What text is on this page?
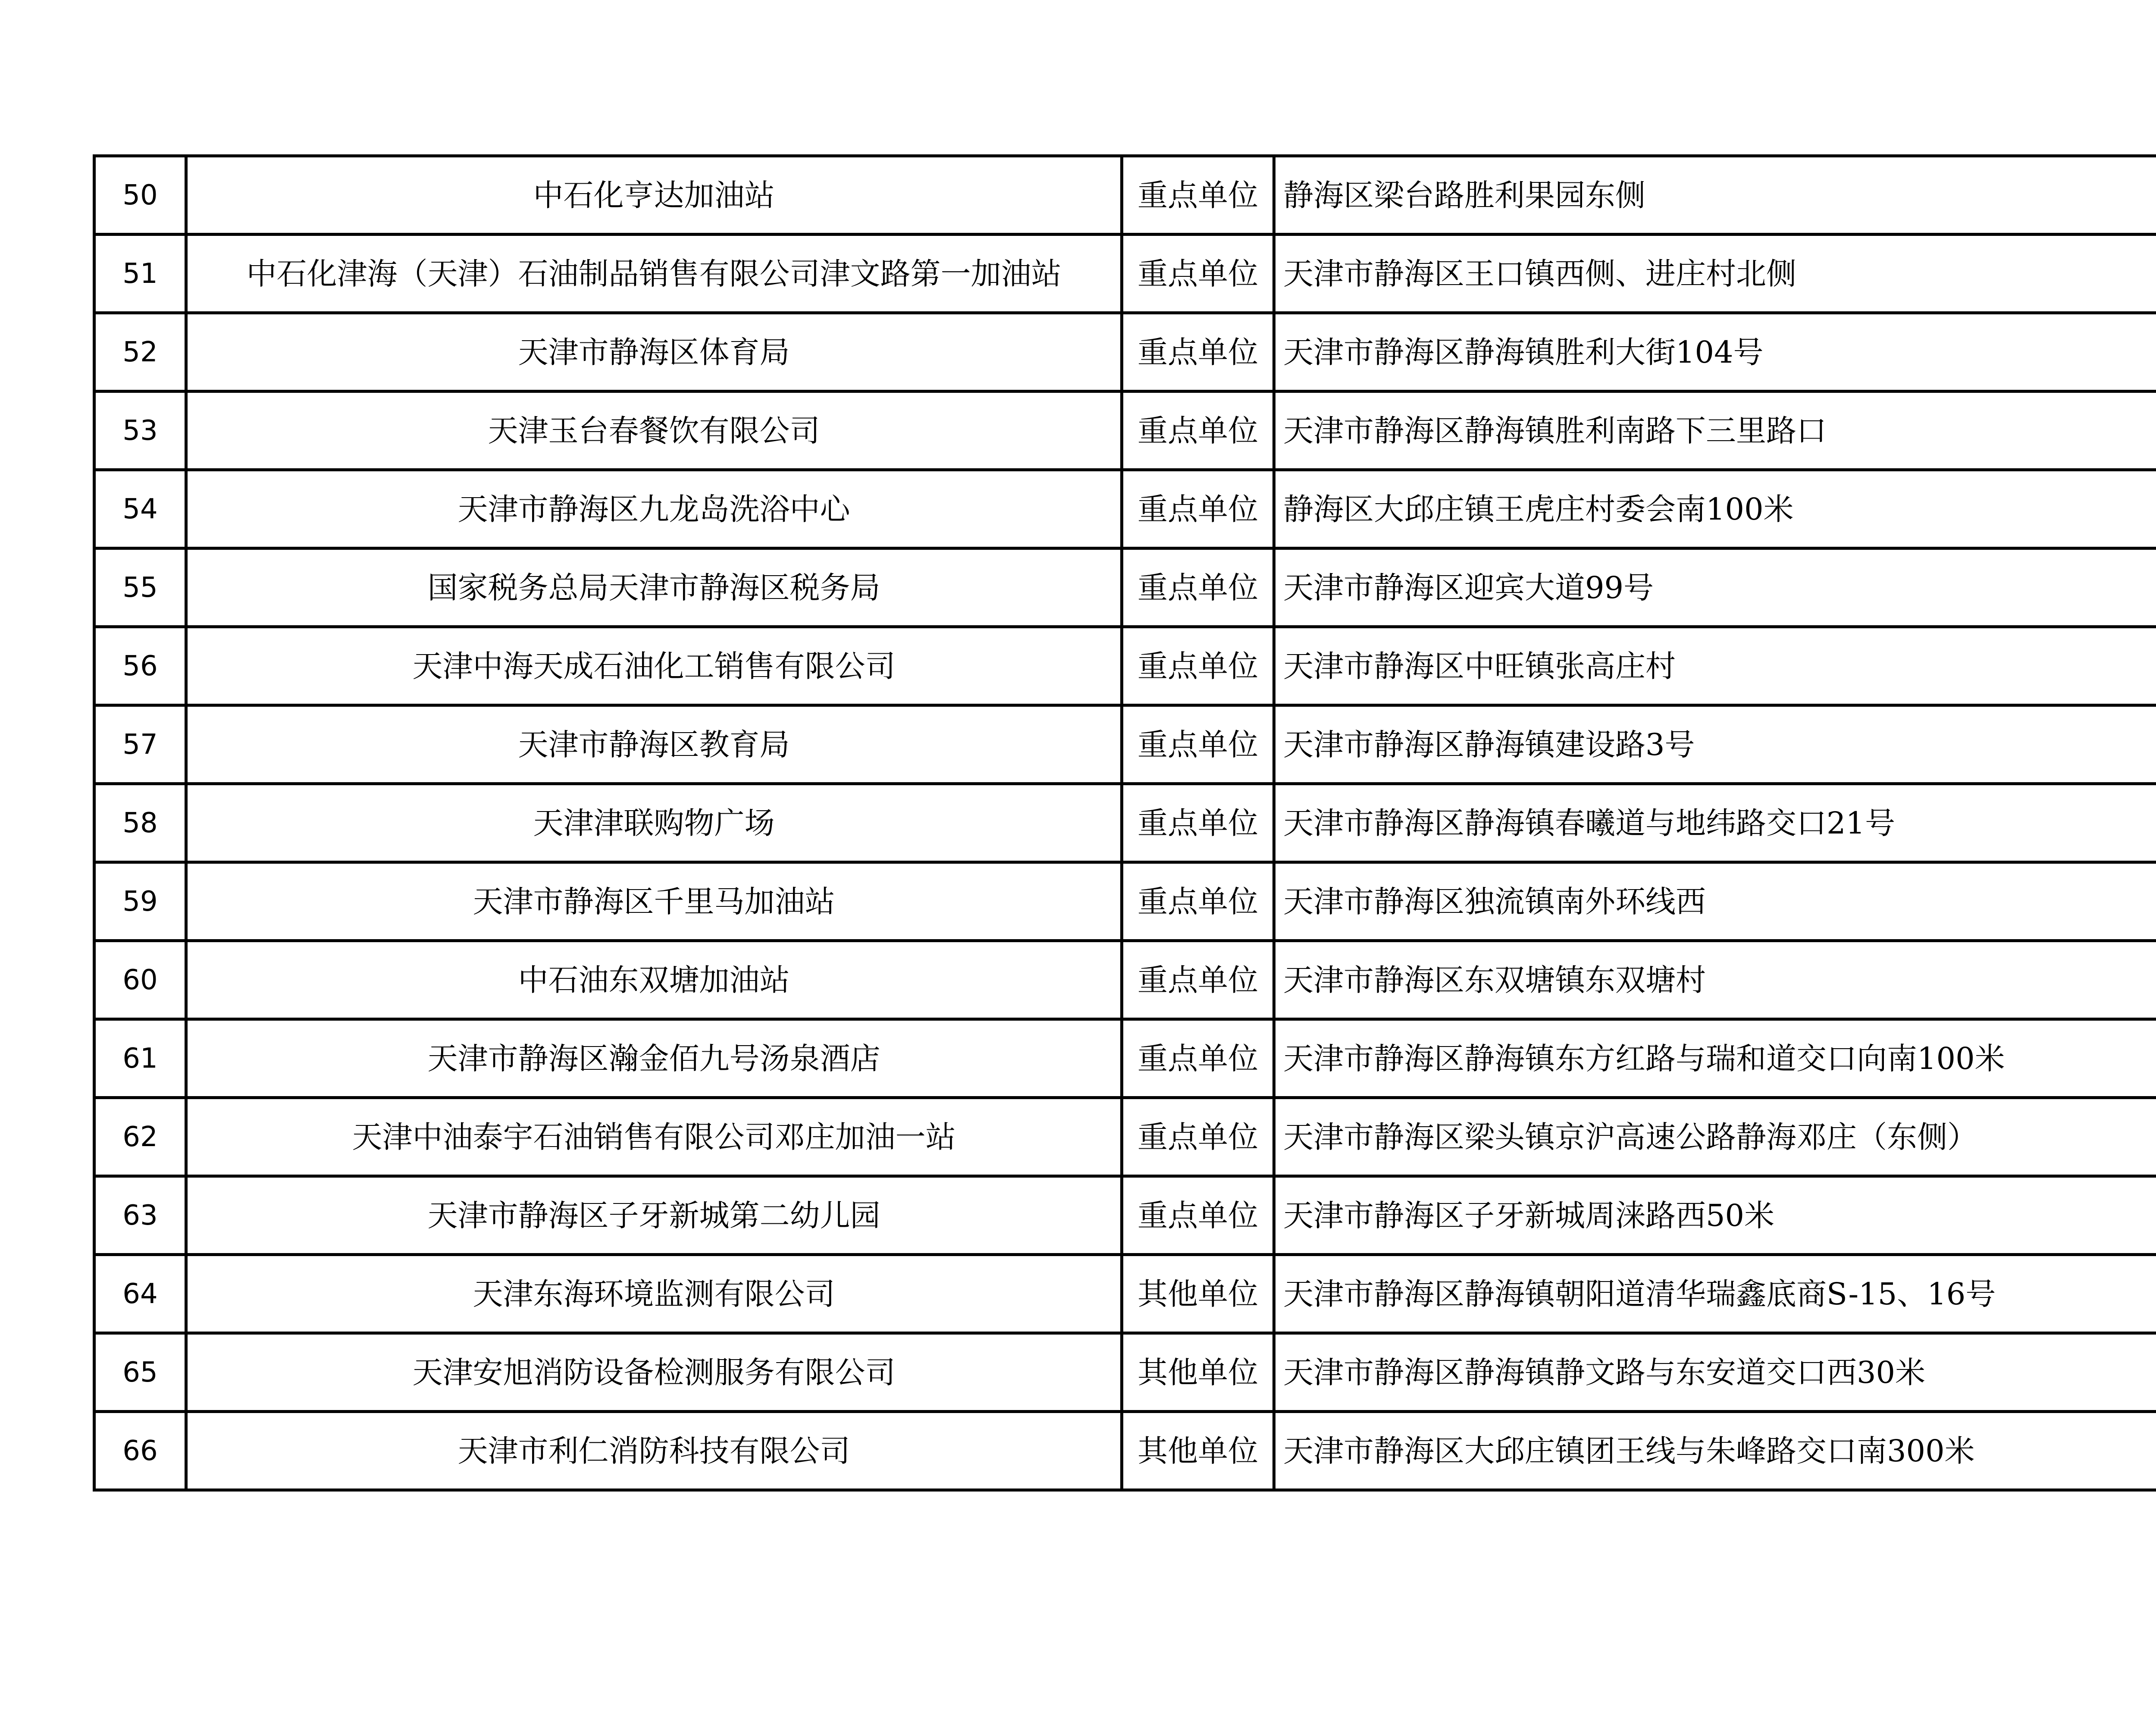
50	中石化亨达加油站	重点单位	静海区梁台路胜利果园东侧	
51	中石化津海（天津）石油制品销售有限公司津文路第一加油站	重点单位	天津市静海区王口镇西侧、进庄村北侧	
52	天津市静海区体育局	重点单位	天津市静海区静海镇胜利大街104号	
53	天津玉台春餐饮有限公司	重点单位	天津市静海区静海镇胜利南路下三里路口	
54	天津市静海区九龙岛洗浴中心	重点单位	静海区大邱庄镇王虎庄村委会南100米	
55	国家税务总局天津市静海区税务局	重点单位	天津市静海区迎宾大道99号	
56	天津中海天成石油化工销售有限公司	重点单位	天津市静海区中旺镇张高庄村	
57	天津市静海区教育局	重点单位	天津市静海区静海镇建设路3号	
58	天津津联购物广场	重点单位	天津市静海区静海镇春曦道与地纬路交口21号	
59	天津市静海区千里马加油站	重点单位	天津市静海区独流镇南外环线西	
60	中石油东双塘加油站	重点单位	天津市静海区东双塘镇东双塘村	
61	天津市静海区瀚金佰九号汤泉酒店	重点单位	天津市静海区静海镇东方红路与瑞和道交口向南100米	
62	天津中油泰宇石油销售有限公司邓庄加油一站	重点单位	天津市静海区梁头镇京沪高速公路静海邓庄（东侧）	
63	天津市静海区子牙新城第二幼儿园	重点单位	天津市静海区子牙新城周涞路西50米	
64	天津东海环境监测有限公司	其他单位	天津市静海区静海镇朝阳道清华瑞鑫底商S-15、16号	
65	天津安旭消防设备检测服务有限公司	其他单位	天津市静海区静海镇静文路与东安道交口西30米	
66	天津市利仁消防科技有限公司	其他单位	天津市静海区大邱庄镇团王线与朱峰路交口南300米	
